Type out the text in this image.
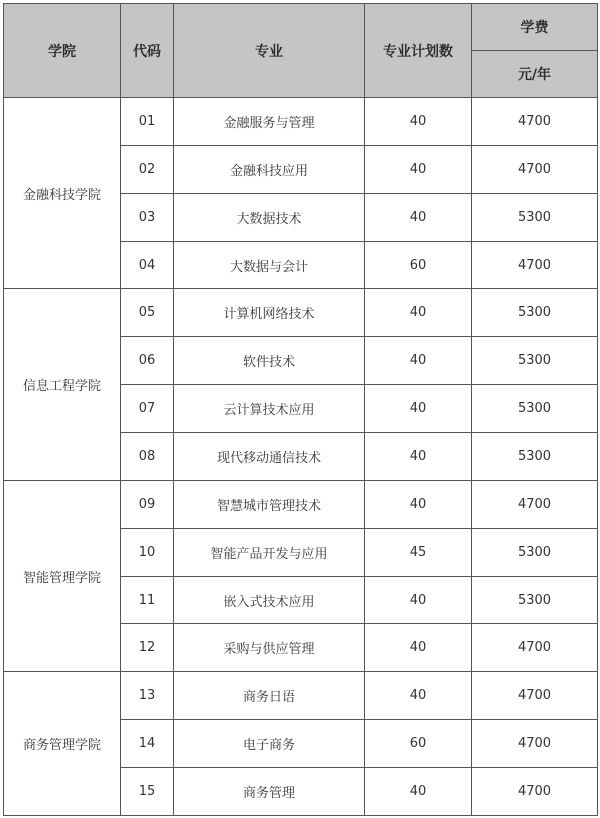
学院	代码	专业	专业计划数	学费
				元/年
金融科技学院	01	金融服务与管理	40	4700
	02	金融科技应用	40	4700
	03	大数据技术	40	5300
	04	大数据与会计	60	4700
信息工程学院	05	计算机网络技术	40	5300
	06	软件技术	40	5300
	07	云计算技术应用	40	5300
	08	现代移动通信技术	40	5300
智能管理学院	09	智慧城市管理技术	40	4700
	10	智能产品开发与应用	45	5300
	11	嵌入式技术应用	40	5300
	12	采购与供应管理	40	4700
商务管理学院	13	商务日语	40	4700
	14	电子商务	60	4700
	15	商务管理	40	4700
